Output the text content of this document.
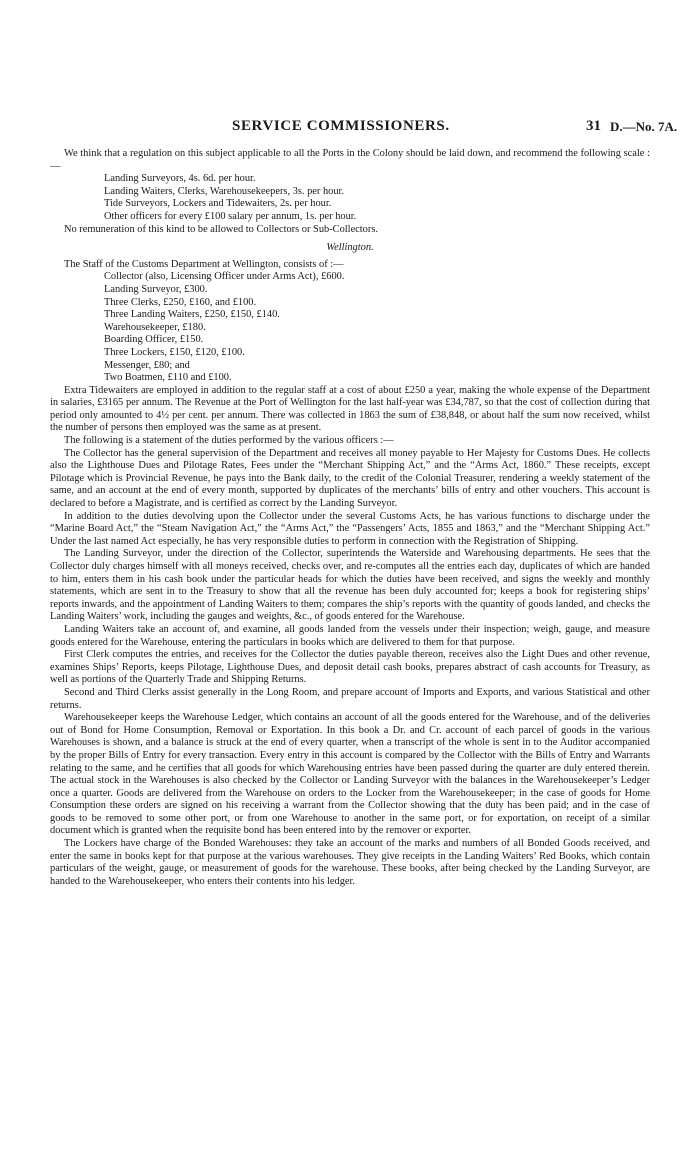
SERVICE COMMISSIONERS.	31 D.—No. 7A.

We think that a regulation on this subject applicable to all the Ports in the Colony should be laid down, and recommend the following scale :—

Landing Surveyors, 4s. 6d. per hour.
Landing Waiters, Clerks, Warehousekeepers, 3s. per hour.
Tide Surveyors, Lockers and Tidewaiters, 2s. per hour.
Other officers for every £100 salary per annum, 1s. per hour.

No remuneration of this kind to be allowed to Collectors or Sub-Collectors.

Wellington.

The Staff of the Customs Department at Wellington, consists of :—

Collector (also, Licensing Officer under Arms Act), £600.
Landing Surveyor, £300.
Three Clerks, £250, £160, and £100.
Three Landing Waiters, £250, £150, £140.
Warehousekeeper, £180.
Boarding Officer, £150.
Three Lockers, £150, £120, £100.
Messenger, £80; and
Two Boatmen, £110 and £100.

Extra Tidewaiters are employed in addition to the regular staff at a cost of about £250 a year, making the whole expense of the Department in salaries, £3165 per annum. The Revenue at the Port of Wellington for the last half-year was £34,787, so that the cost of collection during that period only amounted to 4½ per cent. per annum. There was collected in 1863 the sum of £38,848, or about half the sum now received, whilst the number of persons then employed was the same as at present.

The following is a statement of the duties performed by the various officers :—

The Collector has the general supervision of the Department and receives all money payable to Her Majesty for Customs Dues. He collects also the Lighthouse Dues and Pilotage Rates, Fees under the “Merchant Shipping Act,” and the “Arms Act, 1860.” These receipts, except Pilotage which is Provincial Revenue, he pays into the Bank daily, to the credit of the Colonial Treasurer, rendering a weekly statement of the same, and an account at the end of every month, supported by duplicates of the merchants’ bills of entry and other vouchers. This account is declared to before a Magistrate, and is certified as correct by the Landing Surveyor.

In addition to the duties devolving upon the Collector under the several Customs Acts, he has various functions to discharge under the “Marine Board Act,” the “Steam Navigation Act,” the “Arms Act,” the “Passengers’ Acts, 1855 and 1863,” and the “Merchant Shipping Act.” Under the last named Act especially, he has very responsible duties to perform in connection with the Registration of Shipping.

The Landing Surveyor, under the direction of the Collector, superintends the Waterside and Warehousing departments. He sees that the Collector duly charges himself with all moneys received, checks over, and re-computes all the entries each day, duplicates of which are handed to him, enters them in his cash book under the particular heads for which the duties have been received, and signs the weekly and monthly statements, which are sent in to the Treasury to show that all the revenue has been duly accounted for; keeps a book for registering ships’ reports inwards, and the appointment of Landing Waiters to them; compares the ship’s reports with the quantity of goods landed, and checks the Landing Waiters’ work, including the gauges and weights, &c., of goods entered for the Warehouse.

Landing Waiters take an account of, and examine, all goods landed from the vessels under their inspection; weigh, gauge, and measure goods entered for the Warehouse, entering the particulars in books which are delivered to them for that purpose.

First Clerk computes the entries, and receives for the Collector the duties payable thereon, receives also the Light Dues and other revenue, examines Ships’ Reports, keeps Pilotage, Lighthouse Dues, and deposit detail cash books, prepares abstract of cash accounts for Treasury, as well as portions of the Quarterly Trade and Shipping Returns.

Second and Third Clerks assist generally in the Long Room, and prepare account of Imports and Exports, and various Statistical and other returns.

Warehousekeeper keeps the Warehouse Ledger, which contains an account of all the goods entered for the Warehouse, and of the deliveries out of Bond for Home Consumption, Removal or Exportation. In this book a Dr. and Cr. account of each parcel of goods in the various Warehouses is shown, and a balance is struck at the end of every quarter, when a transcript of the whole is sent in to the Auditor accompanied by the proper Bills of Entry for every transaction. Every entry in this account is compared by the Collector with the Bills of Entry and Warrants relating to the same, and he certifies that all goods for which Warehousing entries have been passed during the quarter are duly entered therein. The actual stock in the Warehouses is also checked by the Collector or Landing Surveyor with the balances in the Warehousekeeper’s Ledger once a quarter. Goods are delivered from the Warehouse on orders to the Locker from the Warehousekeeper; in the case of goods for Home Consumption these orders are signed on his receiving a warrant from the Collector showing that the duty has been paid; and in the case of goods to be removed to some other port, or from one Warehouse to another in the same port, or for exportation, on receipt of a similar document which is granted when the requisite bond has been entered into by the remover or exporter.

The Lockers have charge of the Bonded Warehouses: they take an account of the marks and numbers of all Bonded Goods received, and enter the same in books kept for that purpose at the various warehouses. They give receipts in the Landing Waiters’ Red Books, which contain particulars of the weight, gauge, or measurement of goods for the warehouse. These books, after being checked by the Landing Surveyor, are handed to the Warehousekeeper, who enters their contents into his ledger.
